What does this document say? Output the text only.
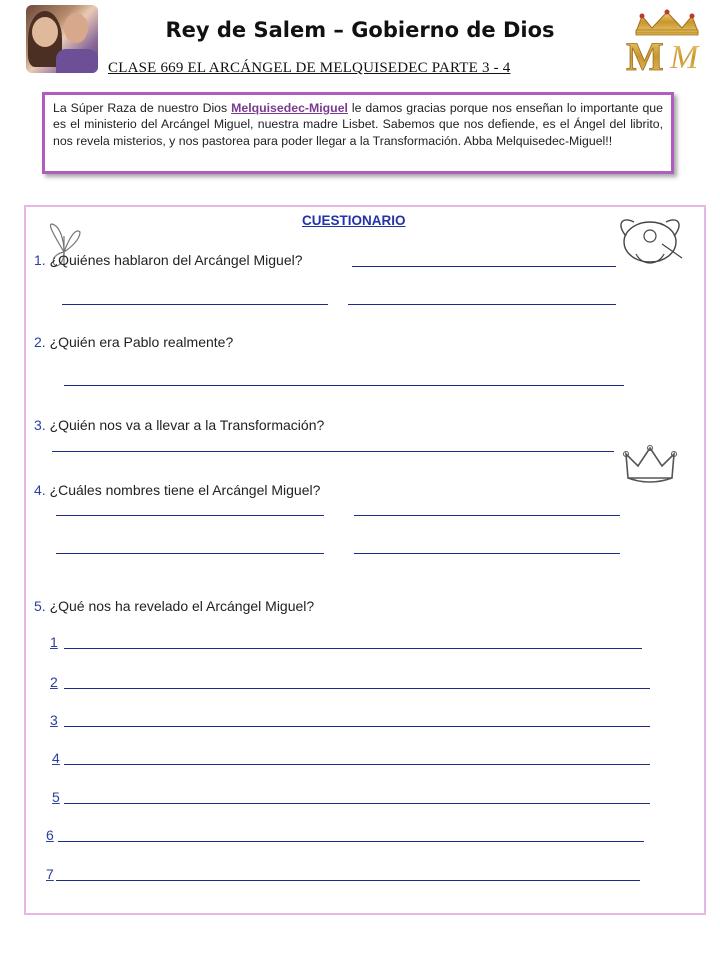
Rey de Salem – Gobierno de Dios
CLASE 669 EL ARCÁNGEL DE MELQUISEDEC PARTE 3 - 4	M M
La Súper Raza de nuestro Dios Melquisedec-Miguel le damos gracias porque nos enseñan lo importante que es el ministerio del Arcángel Miguel, nuestra madre Lisbet. Sabemos que nos defiende, es el Ángel del librito, nos revela misterios, y nos pastorea para poder llegar a la Transformación. Abba Melquisedec-Miguel!!
CUESTIONARIO
1. ¿Quiénes hablaron del Arcángel Miguel?
2. ¿Quién era Pablo realmente?
3. ¿Quién nos va a llevar a la Transformación?
4. ¿Cuáles nombres tiene el Arcángel Miguel?
5. ¿Qué nos ha revelado el Arcángel Miguel?
1
2
3
4
5
6
7
